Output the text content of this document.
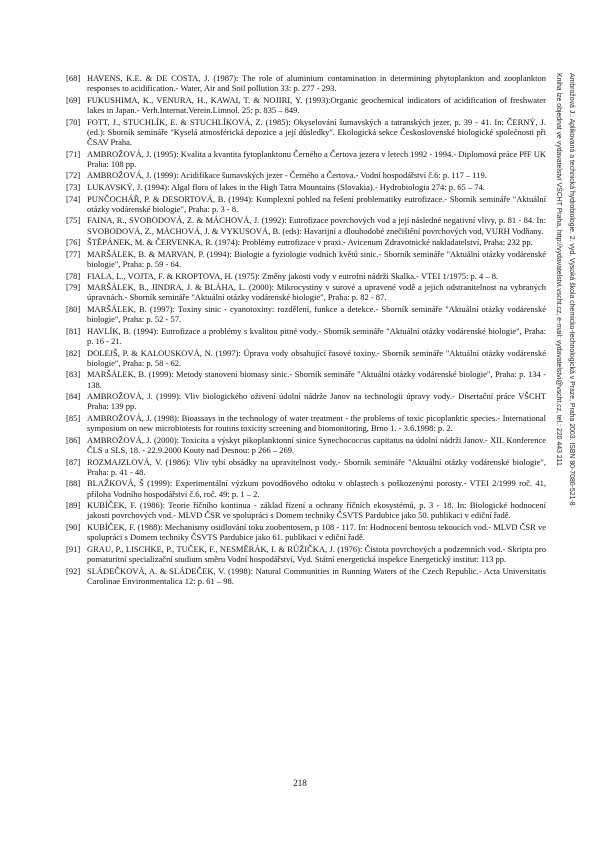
[68] HAVENS, K.E. & DE COSTA, J. (1987): The role of aluminium contamination in determining phytoplankton and zooplankton responses to acidification.- Water, Air and Soil pollution 33: p. 277 - 293.
[69] FUKUSHIMA, K., VENURA, H., KAWAI, T. & NOJIRI, Y. (1993):Organic geochemical indicators of acidification of freshwater lakes in Japan.- Verh.Internat.Verein.Limnol. 25: p. 835 – 849.
[70] FOTT, J., STUCHLÍK, E. & STUCHLÍKOVÁ, Z. (1985): Okyselování šumavských a tatranských jezer, p. 39 - 41. In: ČERNÝ, J. (ed.): Sborník semináře "Kyselá atmosférická depozice a její důsledky". Ekologická sekce Československé biologické společnosti při ČSAV Praha.
[71] AMBROŽOVÁ, J. (1995): Kvalita a kvantita fytoplanktonu Černého a Čertova jezera v letech 1992 - 1994.- Diplomová práce PřF UK Praha: 108 pp.
[72] AMBROŽOVÁ, J. (1999): Acidifikace šumavských jezer - Černého a Čertova.- Vodní hospodářství č.6: p. 117 – 119.
[73] LUKAVSKÝ, J. (1994): Algal flora of lakes in the High Tatra Mountains (Slovakia).- Hydrobiologia 274: p. 65 – 74.
[74] PUNČOCHÁŘ, P. & DESORTOVÁ, B. (1994): Komplexní pohled na řešení problematiky eutrofizace.- Sborník semináře "Aktuální otázky vodárenské biologie", Praha: p. 3 - 8.
[75] FAINA, R., SVOBODOVÁ, Z. & MÁCHOVÁ, J. (1992): Eutrofizace povrchových vod a její následné negativní vlivy, p. 81 - 84. In: SVOBODOVÁ, Z., MÁCHOVÁ, J. & VYKUSOVÁ, B. (eds): Havarijní a dlouhodobé znečištění povrchových vod, VURH Vodňany.
[76] ŠTĚPÁNEK, M. & ČERVENKA, R. (1974): Problémy eutrofizace v praxi.- Avicenum Zdravotnické nakladatelství, Praha: 232 pp.
[77] MARŠÁLEK, B. & MARVAN, P. (1994): Biologie a fyziologie vodních květů sinic.- Sborník semináře "Aktuální otázky vodárenské biologie", Praha: p. 59 - 64.
[78] FIALA, L., VOJTA, F. & KROPTOVA, H. (1975): Změny jakosti vody v eutrofní nádrži Skalka.- VTEI 1/1975: p. 4 – 8.
[79] MARŠÁLEK, B., JINDRA, J. & BLÁHA, L. (2000): Mikrocystiny v surové a upravené vodě a jejich odstranitelnost na vybraných úpravnách.- Sborník semináře "Aktuální otázky vodárenské biologie", Praha: p. 82 - 87.
[80] MARŠÁLEK, B. (1997): Toxiny sinic - cyanotoxiny: rozdělení, funkce a detekce.- Sborník semináře "Aktuální otázky vodárenské biologie", Praha: p. 52 - 57.
[81] HAVLÍK, B. (1994): Eutrofizace a problémy s kvalitou pitné vody.- Sborník semináře "Aktuální otázky vodárenské biologie", Praha: p. 16 - 21.
[82] DOLEJŠ, P. & KALOUSKOVÁ, N. (1997): Úprava vody obsahující řasové toxiny.- Sborník semináře "Aktuální otázky vodárenské biologie", Praha: p. 58 - 62.
[83] MARŠÁLEK, B. (1999): Metody stanovení biomasy sinic.- Sborník semináře "Aktuální otázky vodárenské biologie", Praha: p. 134 - 138.
[84] AMBROŽOVÁ, J. (1999): Vliv biologického oživení údolní nádrže Janov na technologii úpravy vody.- Disertační práce VŠCHT Praha: 139 pp.
[85] AMBROŽOVÁ, J. (1998): Bioassays in the technology of water treatment - the problems of toxic picoplanktic species.- International symposium on new microbiotests for routins toxicity screening and biomonitoring, Brno 1. - 3.6.1998: p. 2.
[86] AMBROŽOVÁ, J. (2000): Toxicita a výskyt pikoplanktonní sinice Synechococcus capitatus na údolní nádrži Janov.- XII. Konference ČLS a SLS, 18. - 22.9.2000 Kouty nad Desnou: p 266 – 269.
[87] ROZMAJZLOVÁ, V. (1986): Vliv tybí obsádky na upravitelnost vody.- Sborník semináře "Aktuální otázky vodárenské biologie", Praha: p. 41 - 48.
[88] BLAŽKOVÁ, Š (1999): Experimentální výzkum povodňového odtoku v oblastech s poškozenými porosty.- VTEI 2/1999 roč. 41, příloha Vodního hospodářství č.6, roč. 49: p. 1 – 2.
[89] KUBÍČEK, F. (1986): Teorie říčního kontinua - základ řízení a ochrany říčních ekosystémů, p. 3 - 18. In: Biologické hodnocení jakosti povrchových vod.- MLVD ČSR ve spolupráci s Domem techniky ČSVTS Pardubice jako 50. publikaci v ediční řadě.
[90] KUBÍČEK, F. (1988): Mechanismy osidlování toku zoobentosem, p 108 - 117. In: Hodnocení bentosu tekoucích vod.- MLVD ČSR ve spolupráci s Domem techniky ČSVTS Pardubice jako 61. publikaci v ediční řadě.
[91] GRAU, P., LISCHKE, P., TUČEK, F., NESMĚRÁK, I. & RŮŽIČKA, J. (1976): Čistota povrchových a podzemních vod.- Skripta pro pomaturitní specializační studium směru Vodní hospodářství, Vyd. Státní energetická inspekce Energetický institut: 113 pp.
[92] SLÁDEČKOVÁ, A. & SLÁDEČEK, V. (1998): Natural Communities in Running Waters of the Czech Republic.- Acta Universitatis Carolinae Environmentalica 12: p. 61 – 98.
Ambrožová J.: Aplikovaná a technická hydrobiologie. 2. vyd. Vysoká škola chemicko-technologická v Praze, Praha 2003. ISBN 80-7080-521-8
Kniha lze objednat ve vydavatelství VŠCHT Praha, http://vydavatelstvi.vscht.cz, e-mail: vydavatelstvi@vscht.cz, tel.: 220 443 211
218
